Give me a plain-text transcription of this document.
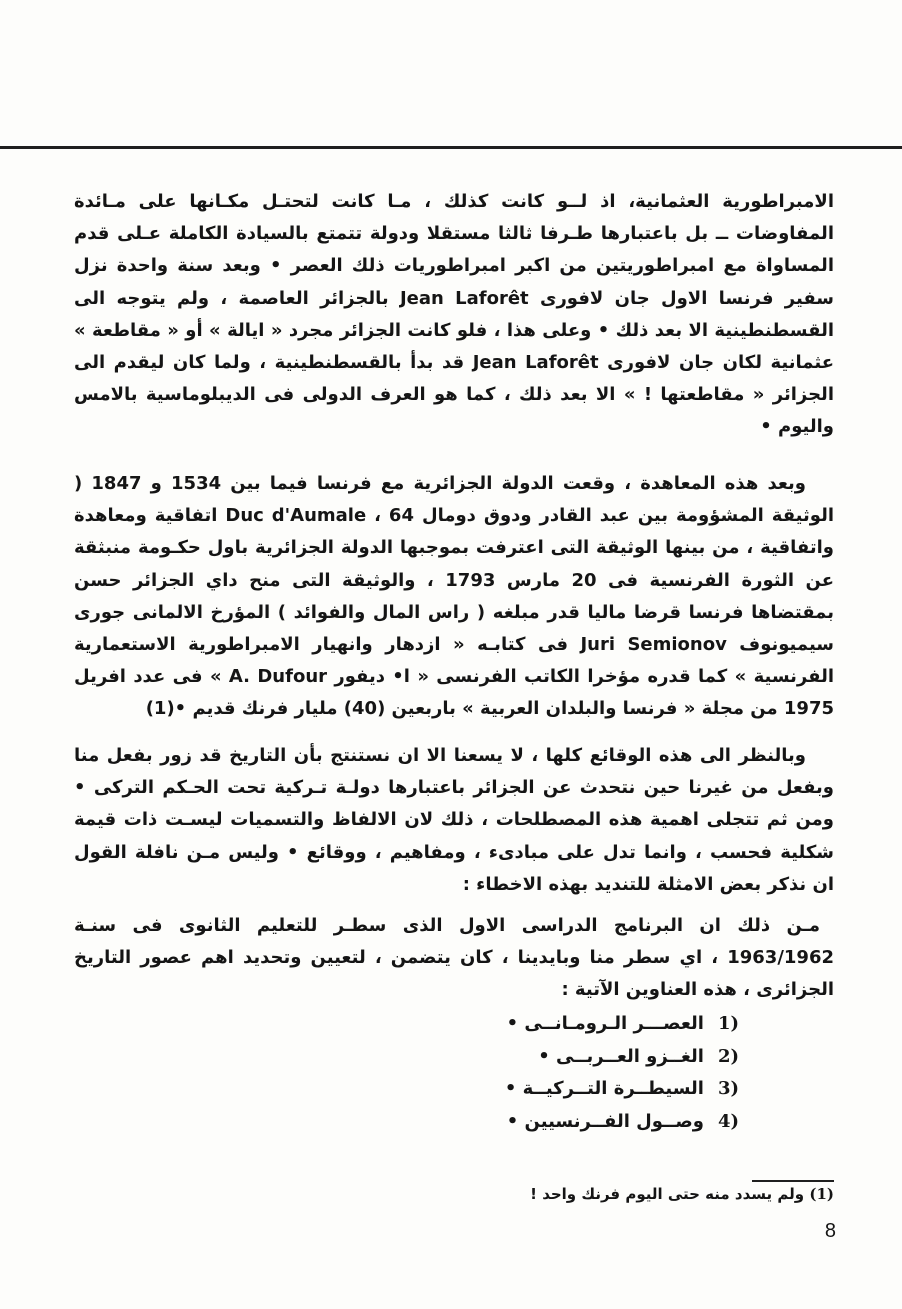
الامبراطورية العثمانية، اذ لــو كانت كذلك ، مـا كانت لتحتـل مكـانها على مـائدة المفاوضات ــ بل باعتبارها طـرفا ثالثا مستقلا ودولة تتمتع بالسيادة الكاملة عـلى قدم المساواة مع امبراطوريتين من اكبر امبراطوريات ذلك العصر • وبعد سنة واحدة نزل سفير فرنسا الاول جان لافورى Jean Laforêt بالجزائر العاصمة ، ولم يتوجه الى القسطنطينية الا بعد ذلك • وعلى هذا ، فلو كانت الجزائر مجرد « ايالة » أو « مقاطعة » عثمانية لكان جان لافورى Jean Laforêt قد بدأ بالقسطنطينية ، ولما كان ليقدم الى الجزائر « مقاطعتها ! » الا بعد ذلك ، كما هو العرف الدولى فى الديبلوماسية بالامس واليوم •

وبعد هذه المعاهدة ، وقعت الدولة الجزائرية مع فرنسا فيما بين 1534 و 1847 ( الوثيقة المشؤومة بين عبد القادر ودوق دومال Duc d'Aumale ، 64 اتفاقية ومعاهدة واتفاقية ، من بينها الوثيقة التى اعترفت بموجبها الدولة الجزائرية باول حكـومة منبثقة عن الثورة الفرنسية فى 20 مارس 1793 ، والوثيقة التى منح داي الجزائر حسن بمقتضاها فرنسا قرضا ماليا قدر مبلغه ( راس المال والفوائد ) المؤرخ الالمانى جورى سيميونوف Juri Semionov فى كتابـه « ازدهار وانهيار الامبراطورية الاستعمارية الفرنسية » كما قدره مؤخرا الكاتب الفرنسى « ا• ديفور A. Dufour » فى عدد افريل 1975 من مجلة « فرنسا والبلدان العربية » باربعين (40) مليار فرنك قديم •(1)

وبالنظر الى هذه الوقائع كلها ، لا يسعنا الا ان نستنتج بأن التاريخ قد زور بفعل منا وبفعل من غيرنا حين نتحدث عن الجزائر باعتبارها دولـة تـركية تحت الحـكم التركى • ومن ثم تتجلى اهمية هذه المصطلحات ، ذلك لان الالفاظ والتسميات ليسـت ذات قيمة شكلية فحسب ، وانما تدل على مبادىء ، ومفاهيم ، ووقائع • وليس مـن نافلة القول ان نذكر بعض الامثلة للتنديد بهذه الاخطاء :

مـن ذلك ان البرنامج الدراسى الاول الذى سطـر للتعليم الثانوى فى سنـة 1963/1962 ، اي سطر منا وبايدينا ، كان يتضمن ، لتعيين وتحديد اهم عصور التاريخ الجزائرى ، هذه العناوين الآتية :

1)
العصـــر الـرومـانــى •
2)
الغــزو العــربــى •
3)
السيطــرة التــركيــة •
4)
وصــول الفــرنسيين •
(1) ولم يسدد منه حتى اليوم فرنك واحد !
8
